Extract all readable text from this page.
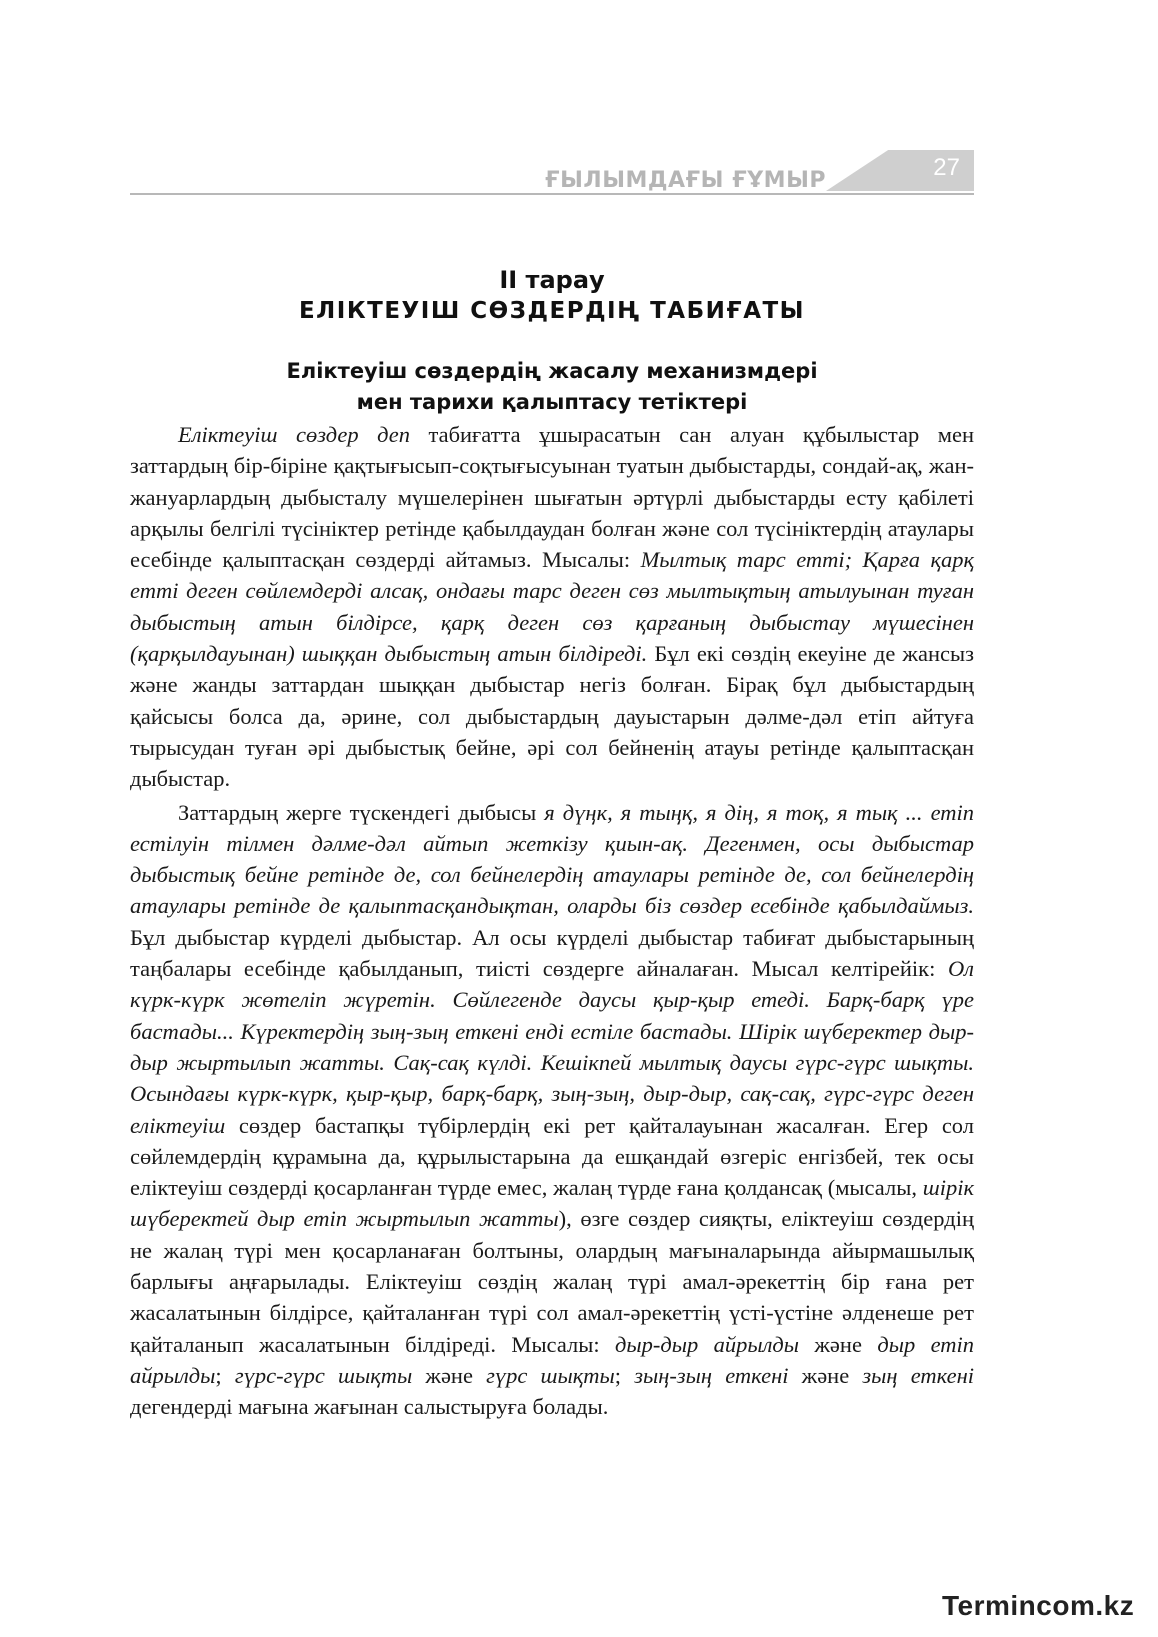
ҒЫЛЫМДАҒЫ ҒҰМЫР	27
II тарау
ЕЛІКТЕУІШ СӨЗДЕРДІҢ ТАБИҒАТЫ
Еліктеуіш сөздердің жасалу механизмдері
мен тарихи қалыптасу тетіктері

Еліктеуіш сөздер деп табиғатта ұшырасатын сан алуан құбылыстар мен заттардың бір-біріне қақтығысып-соқтығысуынан туатын дыбыстарды, сондай-ақ, жан-жануарлардың дыбысталу мүшелерінен шығатын әртүрлі дыбыстарды есту қабілеті арқылы белгілі түсініктер ретінде қабылдаудан болған және сол түсініктердің атаулары есебінде қалыптасқан сөздерді айтамыз. Мысалы: Мылтық тарс етті; Қарға қарқ етті деген сөйлемдерді алсақ, ондағы тарс деген сөз мылтықтың атылуынан туған дыбыстың атын білдірсе, қарқ деген сөз қарғаның дыбыстау мүшесінен (қарқылдауынан) шыққан дыбыстың атын білдіреді. Бұл екі сөздің екеуіне де жансыз және жанды заттардан шыққан дыбыстар негіз болған. Бірақ бұл дыбыстардың қайсысы болса да, әрине, сол дыбыстардың дауыстарын дәлме-дәл етіп айтуға тырысудан туған әрі дыбыстық бейне, әрі сол бейненің атауы ретінде қалыптасқан дыбыстар.

Заттардың жерге түскендегі дыбысы я дүңк, я тыңқ, я дің, я тоқ, я тық ... етіп естілуін тілмен дәлме-дәл айтып жеткізу қиын-ақ. Дегенмен, осы дыбыстар дыбыстық бейне ретінде де, сол бейнелердің атаулары ретінде де, сол бейнелердің атаулары ретінде де қалыптасқандықтан, оларды біз сөздер есебінде қабылдаймыз. Бұл дыбыстар күрделі дыбыстар. Ал осы күрделі дыбыстар табиғат дыбыстарының таңбалары есебінде қабылданып, тиісті сөздерге айналаған. Мысал келтірейік: Ол күрк-күрк жөтеліп жүретін. Сөйлегенде даусы қыр-қыр етеді. Барқ-барқ үре бастады... Күректердің зың-зың еткені енді естіле бастады. Шірік шүберектер дыр-дыр жыртылып жатты. Сақ-сақ күлді. Кешікпей мылтық даусы гүрс-гүрс шықты. Осындағы күрк-күрк, қыр-қыр, барқ-барқ, зың-зың, дыр-дыр, сақ-сақ, гүрс-гүрс деген еліктеуіш сөздер бастапқы түбірлердің екі рет қайталауынан жасалған. Егер сол сөйлемдердің құрамына да, құрылыстарына да ешқандай өзгеріс енгізбей, тек осы еліктеуіш сөздерді қосарланған түрде емес, жалаң түрде ғана қолдансақ (мысалы, шірік шүберектей дыр етіп жыртылып жатты), өзге сөздер сияқты, еліктеуіш сөздердің не жалаң түрі мен қосарланаған болтыны, олардың мағыналарында айырмашылық барлығы аңғарылады. Еліктеуіш сөздің жалаң түрі амал-әрекеттің бір ғана рет жасалатынын білдірсе, қайталанған түрі сол амал-әрекеттің үсті-үстіне әлденеше рет қайталанып жасалатынын білдіреді. Мысалы: дыр-дыр айрылды және дыр етіп айрылды; гүрс-гүрс шықты және гүрс шықты; зың-зың еткені және зың еткені дегендерді мағына жағынан салыстыруға болады.

Termincom.kz
